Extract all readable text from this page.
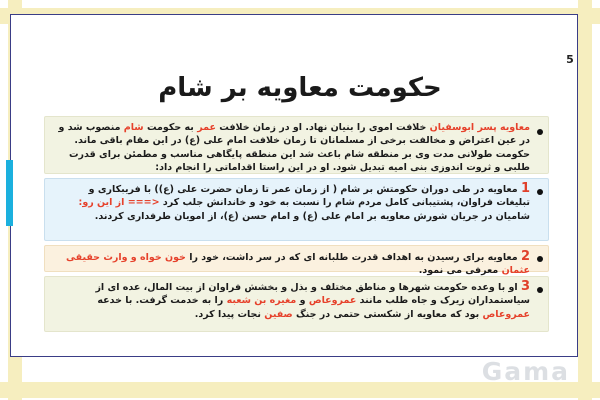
5
حکومت معاویه بر شام

معاویه پسر ابوسفیان خلافت اموی را بنیان نهاد. او در زمان خلافت عمر به حکومت شام منصوب شد و در عین اعتراض و مخالفت برخی از مسلمانان تا زمان خلافت امام علی (ع) در این مقام باقی ماند. حکومت طولانی مدت وی بر منطقه شام باعث شد این منطقه پایگاهی مناسب و مطمئن برای قدرت طلبی و ثروت اندوزی بنی امیه تبدیل شود. او در این راستا اقداماتی را انجام داد:

1 معاویه در طی دوران حکومتش بر شام ( از زمان عمر تا زمان حضرت علی (ع)) با فریبکاری و تبلیغات فراوان، پشتیبانی کامل مردم شام را نسبت به خود و خاندانش جلب کرد <=== از این رو: شامیان در جریان شورش معاویه بر امام علی (ع) و امام حسن (ع)، از امویان طرفداری کردند.

2 معاویه برای رسیدن به اهداف قدرت طلبانه ای که در سر داشت، خود را خون خواه و وارث حقیقی عثمان معرفی می نمود.

3 او با وعده حکومت شهرها و مناطق مختلف و بذل و بخشش فراوان از بیت المال، عده ای از سیاستمداران زیرک و جاه طلب مانند عمروعاص و مغیره بن شعبه را به خدمت گرفت. با خدعه عمروعاص بود که معاویه از شکستی حتمی در جنگ صفین نجات پیدا کرد.

Gama
